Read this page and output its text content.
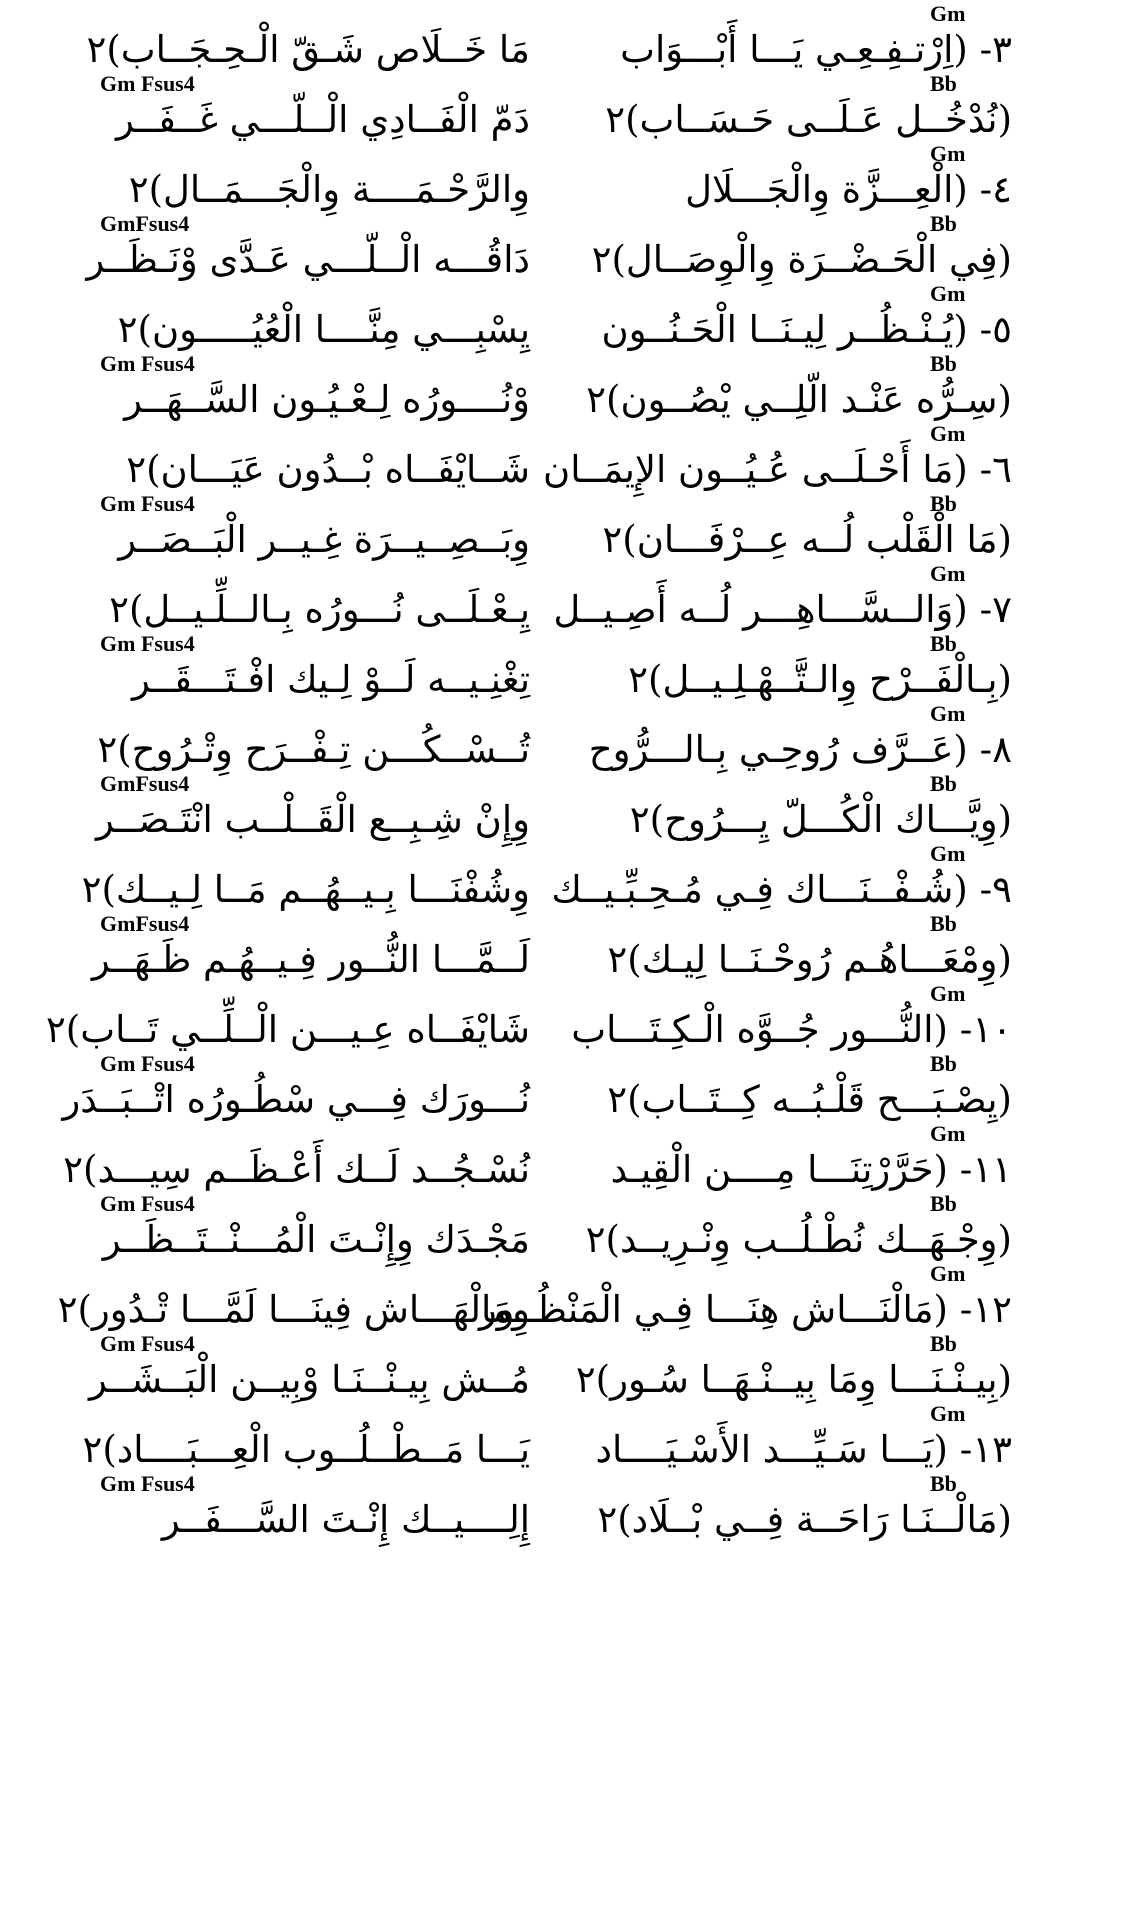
Gm
٣- (اِرْتـفِـعِـي يَـــا أَبْـــوَاب
مَا خَــلَاص شَـقّ الْـحِـجَــاب)٢
Gm Fsus4	Bb
(نُدْخُــل عَـلَــى حَـسَــاب)٢
دَمّ الْفَــادِي الْــلّـــي غَــفَــر
Gm
٤- (الْعِـــزَّة وِالْجَـــلَال
وِالرَّحْـمَــــة وِالْجَـــمَــال)٢
GmFsus4	Bb
(فِي الْحَـضْــرَة وِالْوِصَــال)٢
دَاقُـــه الْــلّـــي عَـدَّى وْنَـظَــر
Gm
٥- (يُـنْـظُــر لِيـنَــا الْحَـنُــون
يِسْبِـــي مِنَّــــا الْعُيُـــــون)٢
Gm Fsus4	Bb
(سِـرُّه عَنْـد الّلِــي يْصُــون)٢
وْنُــــورُه لِـعْـيُـون السَّــهَــر
Gm
٦- (مَا أَحْـلَــى عُـيُــون الإِيمَــان
شَــايْفَــاه بْــدُون عَيَـــان)٢
Gm Fsus4	Bb
(مَا الْقَلْب لُــه عِــرْفَـــان)٢
وِبَــصِــيــرَة غِـيــر الْبَــصَــر
Gm
٧- (وَالــسَّـــاهِـــر لُــه أَصِـيــل
يِـعْـلَــى نُـــورُه بِـالــلِّـيــل)٢
Gm Fsus4	Bb
(بِـالْفَــرْح وِالـتَّــهْـلِـيــل)٢
تِغْنِـيــه لَــوْ لِـيك افْـتَـــقَــر
Gm
٨- (عَــرَّف رُوحِـي بِـالـــرُّوح
تُــسْــكُـــن تِـفْــرَح وِتْـرُوح)٢
GmFsus4	Bb
(وِيَّـــاك الْكُـــلّ يِـــرُوح)٢
وِإِنْ شِـبِــع الْقَــلْــب انْتَـصَــر
Gm
٩- (شُـفْــنَـــاك فِـي مُـحِـبِّـيــك
وِشُفْنَـــا بِـيــهُــم مَــا لِـيــك)٢
GmFsus4	Bb
(وِمْعَـــاهُـم رُوحْـنَــا لِيـك)٢
لَــمَّـــا النُّــور فِـيــهُـم ظَـهَــر
Gm
١٠- (النُّـــور جُــوَّه الْـكِـتَـــاب
شَايْفَــاه عِـيـــن الْــلِّــي تَــاب)٢
Gm Fsus4	Bb
(يِصْـبَـــح قَلْـبُــه كِــتَــاب)٢
نُـــورَك فِـــي سْطُـورُه اتْــبَــدَر
Gm
١١- (حَرَّرْتِنَـــا مِــــن الْقِيـد
نُسْـجُــد لَــك أَعْـظَــم سِيـــد)٢
Gm Fsus4	Bb
(وِجْـهَــك نُطْـلُــب وِنْـرِيــد)٢
مَجْـدَك وِإِنْـتَ الْمُـــنْــتَــظَــر
Gm
١٢- (مَالْنَـــاش هِنَـــا فِـي الْمَنْظُــور
وِمَالْهَـــاش فِينَـــا لَمَّـــا تْـدُور)٢
Gm Fsus4	Bb
(بِيـنْـنَـــا وِمَا بِيــنْـهَــا سُـور)٢
مُــش بِيـنْــنَـا وْبِيــن الْبَــشَــر
Gm
١٣- (يَـــا سَـيِّـــد الأَسْـيَــــاد
يَـــا مَــطْــلُــوب الْعِـــبَــــاد)٢
Gm Fsus4	Bb
(مَالْــنَـا رَاحَــة فِــي بْــلَاد)٢
إِلِــــيــك إِنْـتَ السَّـــفَــر
